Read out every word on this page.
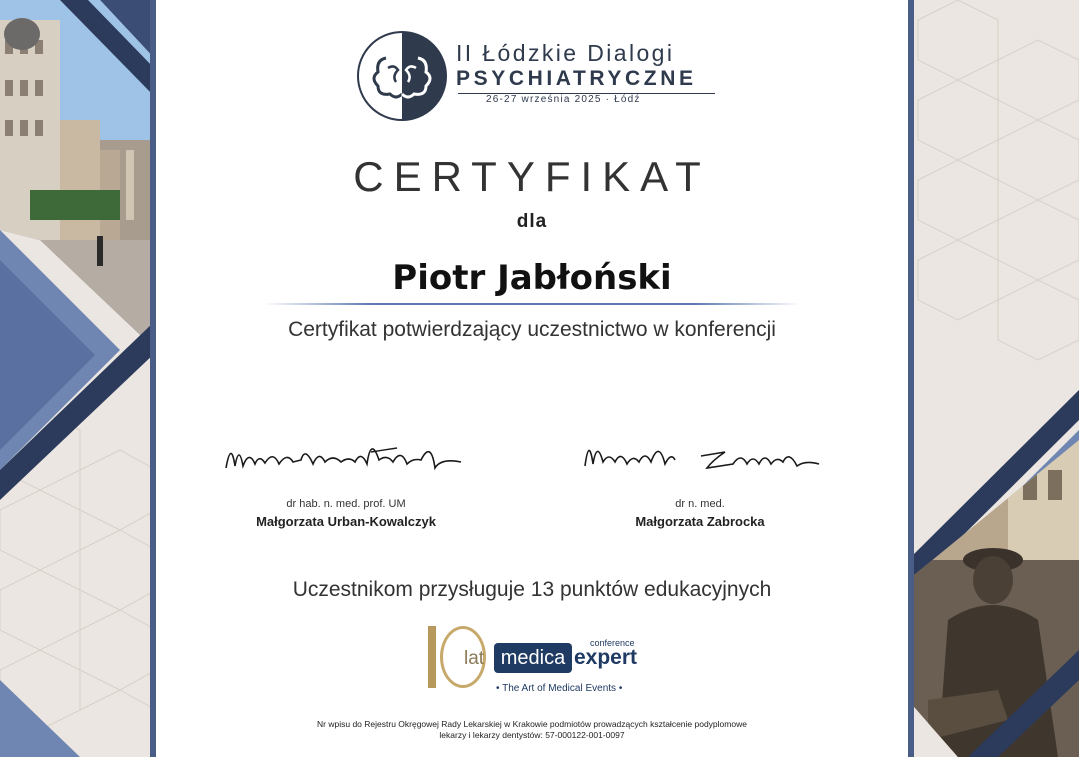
II Łódzkie Dialogi
PSYCHIATRYCZNE
26-27 września 2025 · Łódź
CERTYFIKAT
dla
Piotr Jabłoński
Certyfikat potwierdzający uczestnictwo w konferencji
dr hab. n. med. prof. UM
Małgorzata Urban-Kowalczyk
dr n. med.
Małgorzata Zabrocka
Uczestnikom przysługuje 13 punktów edukacyjnych
lat medica
conference
expert
• The Art of Medical Events •
Nr wpisu do Rejestru Okręgowej Rady Lekarskiej w Krakowie podmiotów prowadzących kształcenie podyplomowe
lekarzy i lekarzy dentystów: 57-000122-001-0097
